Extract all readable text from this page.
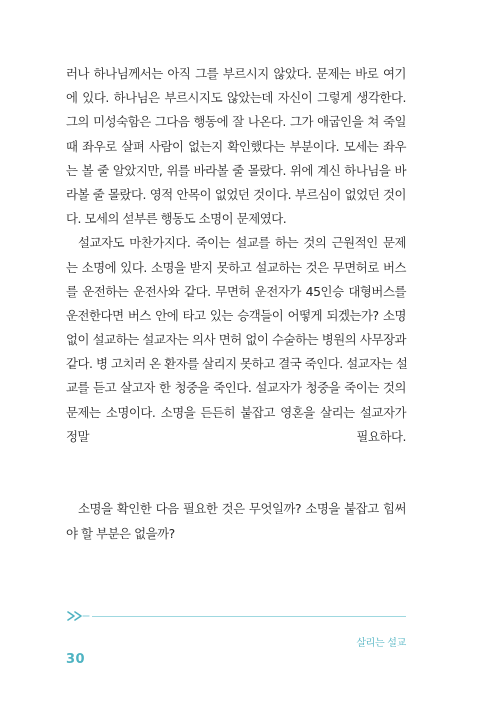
러나 하나님께서는 아직 그를 부르시지 않았다. 문제는 바로 여기
에 있다. 하나님은 부르시지도 않았는데 자신이 그렇게 생각한다.
그의 미성숙함은 그다음 행동에 잘 나온다. 그가 애굽인을 쳐 죽일
때 좌우로 살펴 사람이 없는지 확인했다는 부분이다. 모세는 좌우
는 볼 줄 알았지만, 위를 바라볼 줄 몰랐다. 위에 계신 하나님을 바
라볼 줄 몰랐다. 영적 안목이 없었던 것이다. 부르심이 없었던 것이
다. 모세의 섣부른 행동도 소명이 문제였다.

설교자도 마찬가지다. 죽이는 설교를 하는 것의 근원적인 문제
는 소명에 있다. 소명을 받지 못하고 설교하는 것은 무면허로 버스
를 운전하는 운전사와 같다. 무면허 운전자가 45인승 대형버스를
운전한다면 버스 안에 타고 있는 승객들이 어떻게 되겠는가? 소명
없이 설교하는 설교자는 의사 면허 없이 수술하는 병원의 사무장과
같다. 병 고치러 온 환자를 살리지 못하고 결국 죽인다. 설교자는 설
교를 듣고 살고자 한 청중을 죽인다. 설교자가 청중을 죽이는 것의
문제는 소명이다. 소명을 든든히 붙잡고 영혼을 살리는 설교자가
정말 필요하다.

소명을 확인한 다음 필요한 것은 무엇일까? 소명을 붙잡고 힘써
야 할 부분은 없을까?

살리는 설교
30
